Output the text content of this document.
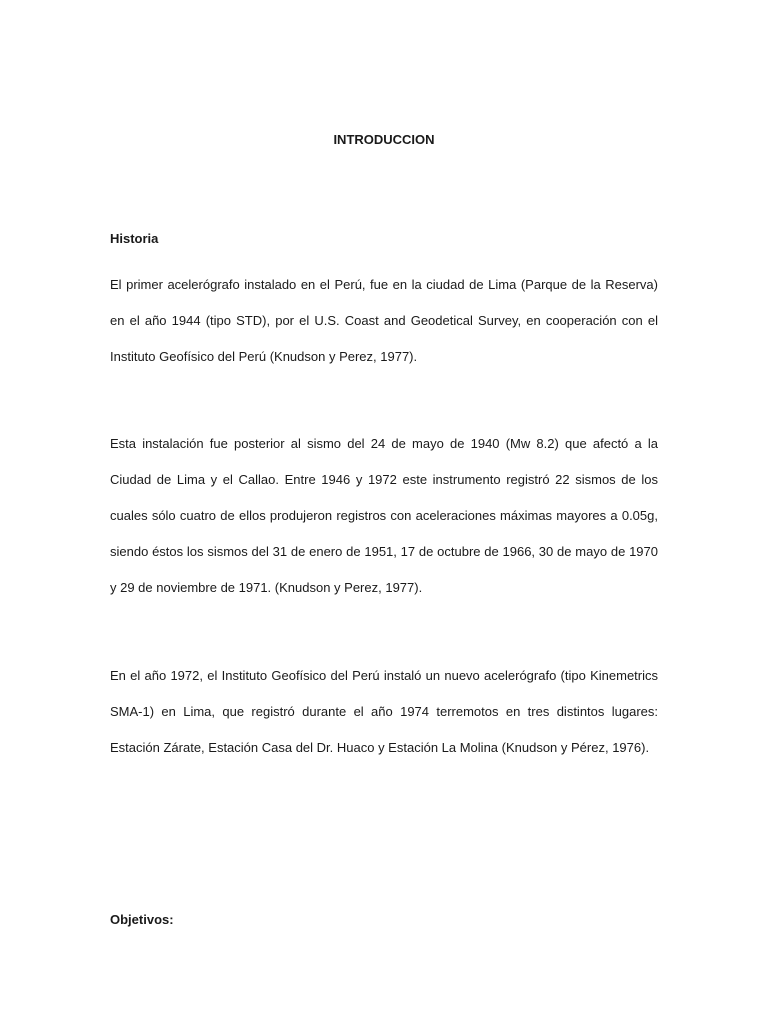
INTRODUCCION
Historia

El primer acelerógrafo instalado en el Perú, fue en la ciudad de Lima (Parque de la Reserva) en el año 1944 (tipo STD), por el U.S. Coast and Geodetical Survey, en cooperación con el Instituto Geofísico del Perú (Knudson y Perez, 1977).

Esta instalación fue posterior al sismo del 24 de mayo de 1940 (Mw 8.2) que afectó a la Ciudad de Lima y el Callao. Entre 1946 y 1972 este instrumento registró 22 sismos de los cuales sólo cuatro de ellos produjeron registros con aceleraciones máximas mayores a 0.05g, siendo éstos los sismos del 31 de enero de 1951, 17 de octubre de 1966, 30 de mayo de 1970 y 29 de noviembre de 1971. (Knudson y Perez, 1977).

En el año 1972, el Instituto Geofísico del Perú instaló un nuevo acelerógrafo (tipo Kinemetrics SMA-1) en Lima, que registró durante el año 1974 terremotos en tres distintos lugares: Estación Zárate, Estación Casa del Dr. Huaco y Estación La Molina (Knudson y Pérez, 1976).

Objetivos:
